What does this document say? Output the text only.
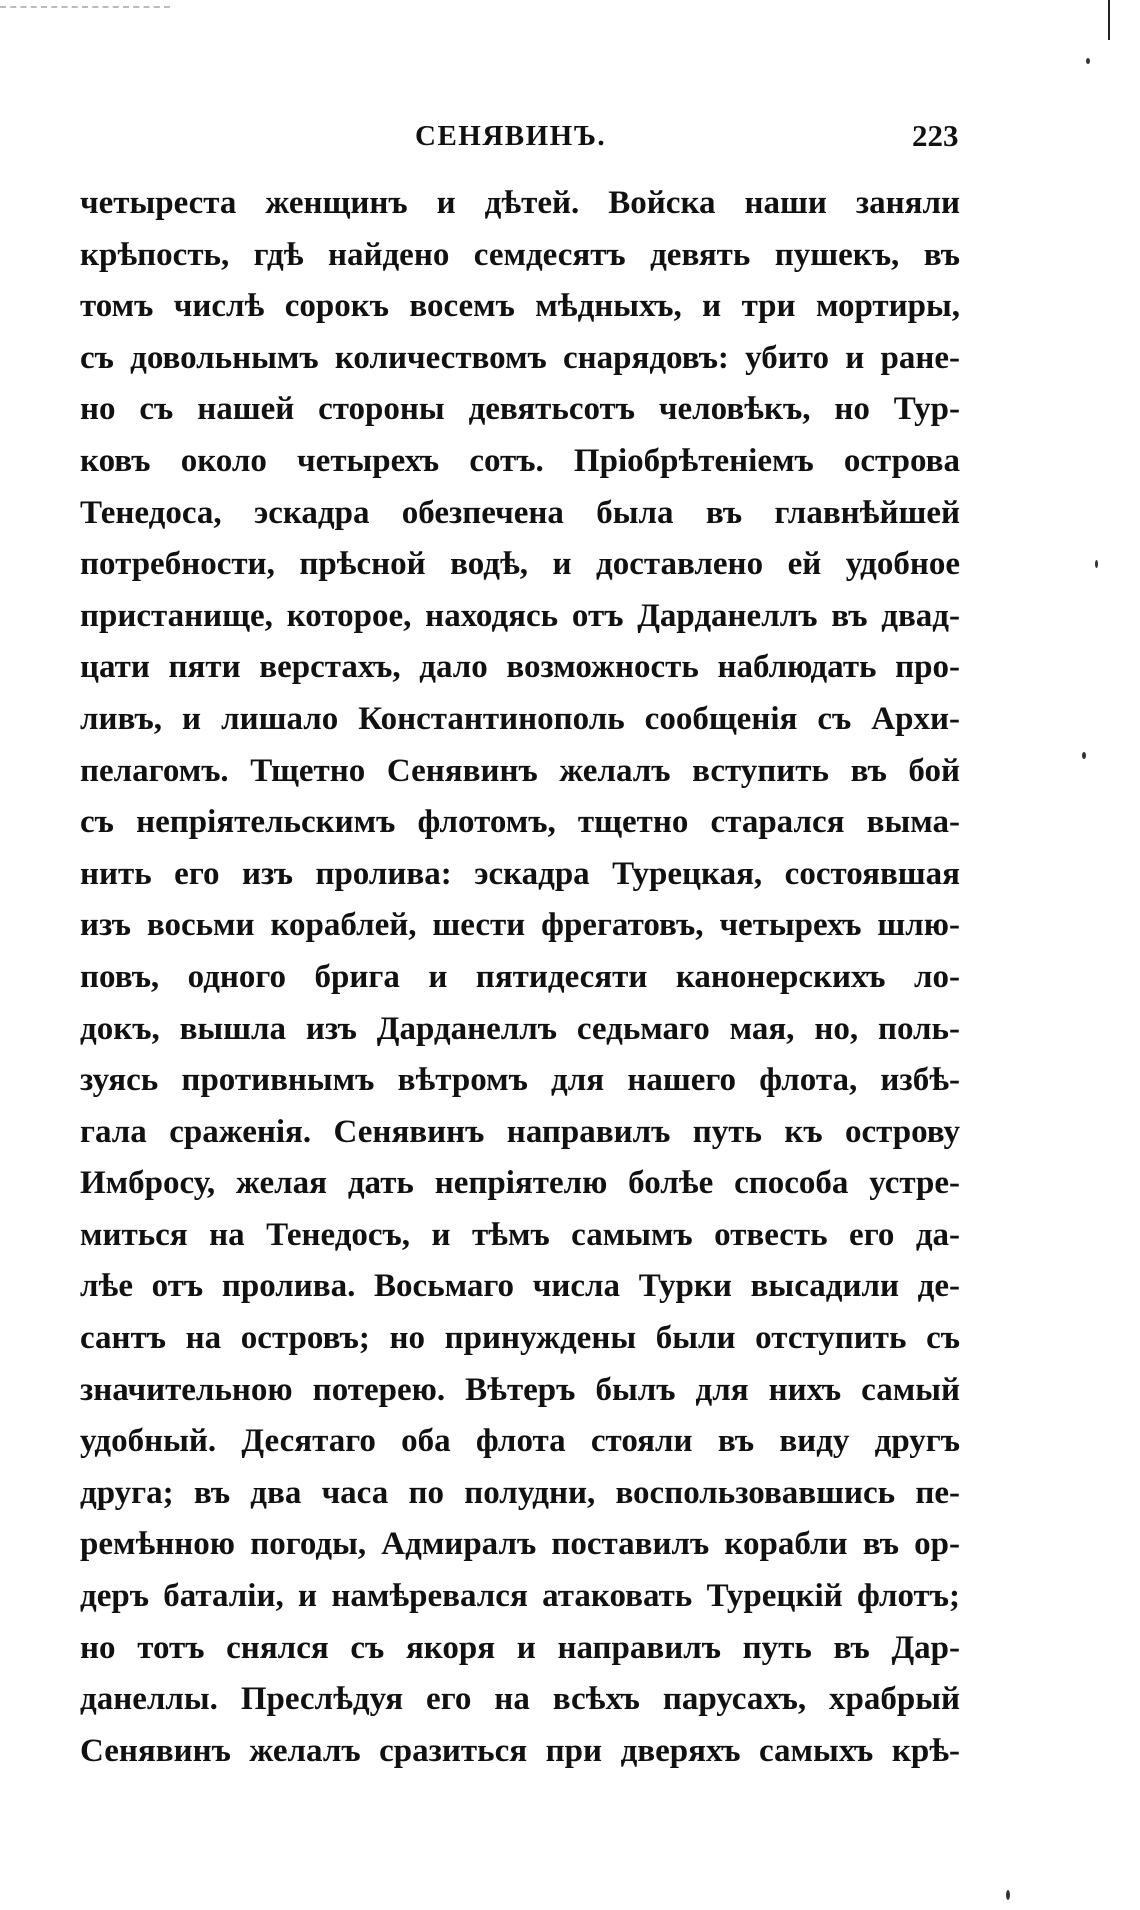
СЕНЯВИНЪ.	223
четыреста женщинъ и дѣтей. Войска наши заняли
крѣпость, гдѣ найдено семдесятъ девять пушекъ, въ
томъ числѣ сорокъ восемъ мѣдныхъ, и три мортиры,
съ довольнымъ количествомъ снарядовъ: убито и ране-
но съ нашей стороны девятьсотъ человѣкъ, но Тур-
ковъ около четырехъ сотъ. Пріобрѣтеніемъ острова
Тенедоса, эскадра обезпечена была въ главнѣйшей
потребности, прѣсной водѣ, и доставлено ей удобное
пристанище, которое, находясь отъ Дарданеллъ въ двад-
цати пяти верстахъ, дало возможность наблюдать про-
ливъ, и лишало Константинополь сообщенія съ Архи-
пелагомъ. Тщетно Сенявинъ желалъ вступить въ бой
съ непріятельскимъ флотомъ, тщетно старался выма-
нить его изъ пролива: эскадра Турецкая, состоявшая
изъ восьми кораблей, шести фрегатовъ, четырехъ шлю-
повъ, одного брига и пятидесяти канонерскихъ ло-
докъ, вышла изъ Дарданеллъ седьмаго мая, но, поль-
зуясь противнымъ вѣтромъ для нашего флота, избѣ-
гала сраженія. Сенявинъ направилъ путь къ острову
Имбросу, желая дать непріятелю болѣе способа устре-
миться на Тенедосъ, и тѣмъ самымъ отвесть его да-
лѣе отъ пролива. Восьмаго числа Турки высадили де-
сантъ на островъ; но принуждены были отступить съ
значительною потерею. Вѣтеръ былъ для нихъ самый
удобный. Десятаго оба флота стояли въ виду другъ
друга; въ два часа по полудни, воспользовавшись пе-
ремѣнною погоды, Адмиралъ поставилъ корабли въ op-
деръ баталіи, и намѣревался атаковать Турецкій флотъ;
но тотъ снялся съ якоря и направилъ путь въ Дар-
данеллы. Преслѣдуя его на всѣхъ парусахъ, храбрый
Сенявинъ желалъ сразиться при дверяхъ самыхъ крѣ-
